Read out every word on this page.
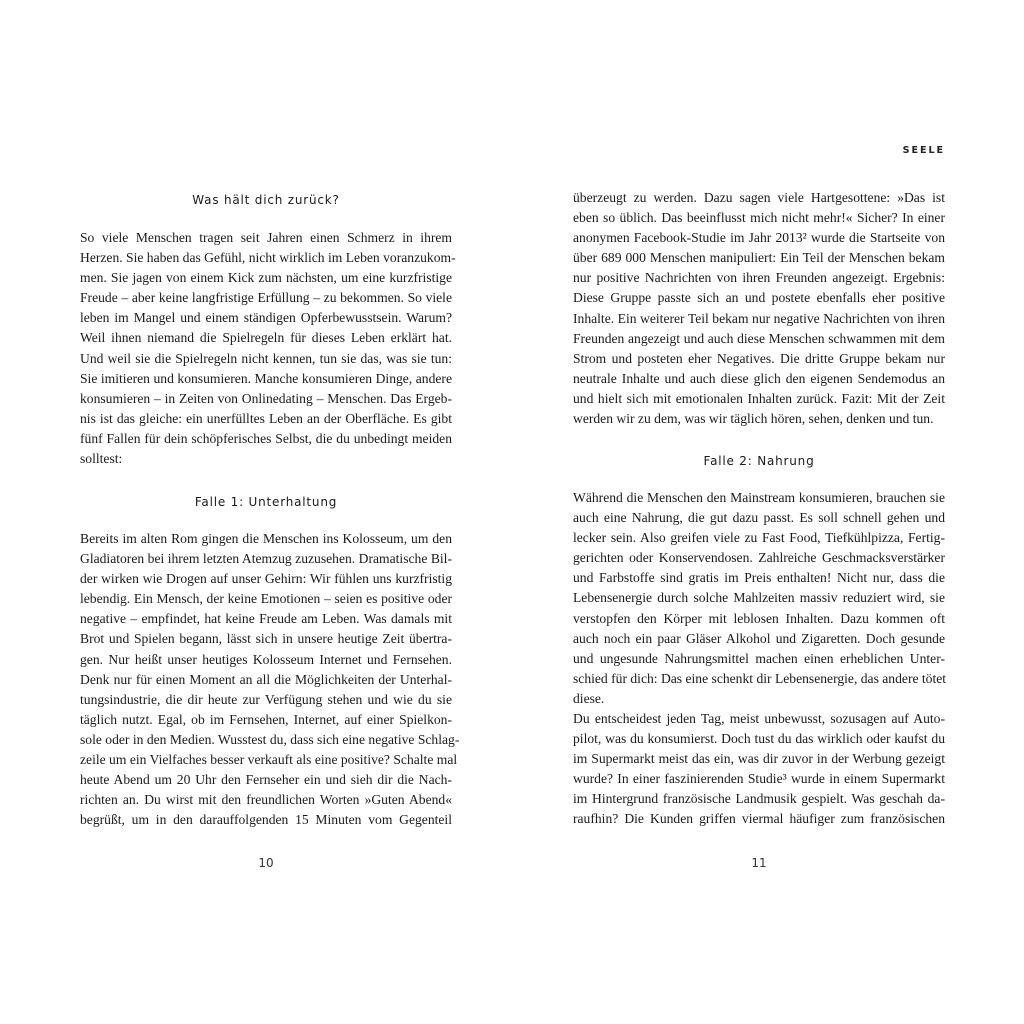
Was hält dich zurück?

So viele Menschen tragen seit Jahren einen Schmerz in ihrem
Herzen. Sie haben das Gefühl, nicht wirklich im Leben voranzukom-
men. Sie jagen von einem Kick zum nächsten, um eine kurzfristige
Freude – aber keine langfristige Erfüllung – zu bekommen. So viele
leben im Mangel und einem ständigen Opferbewusstsein. Warum?
Weil ihnen niemand die Spielregeln für dieses Leben erklärt hat.
Und weil sie die Spielregeln nicht kennen, tun sie das, was sie tun:
Sie imitieren und konsumieren. Manche konsumieren Dinge, andere
konsumieren – in Zeiten von Onlinedating – Menschen. Das Ergeb-
nis ist das gleiche: ein unerfülltes Leben an der Oberfläche. Es gibt
fünf Fallen für dein schöpferisches Selbst, die du unbedingt meiden
solltest:

Falle 1: Unterhaltung

Bereits im alten Rom gingen die Menschen ins Kolosseum, um den
Gladiatoren bei ihrem letzten Atemzug zuzusehen. Dramatische Bil-
der wirken wie Drogen auf unser Gehirn: Wir fühlen uns kurzfristig
lebendig. Ein Mensch, der keine Emotionen – seien es positive oder
negative – empfindet, hat keine Freude am Leben. Was damals mit
Brot und Spielen begann, lässt sich in unsere heutige Zeit übertra-
gen. Nur heißt unser heutiges Kolosseum Internet und Fernsehen.
Denk nur für einen Moment an all die Möglichkeiten der Unterhal-
tungsindustrie, die dir heute zur Verfügung stehen und wie du sie
täglich nutzt. Egal, ob im Fernsehen, Internet, auf einer Spielkon-
sole oder in den Medien. Wusstest du, dass sich eine negative Schlag-
zeile um ein Vielfaches besser verkauft als eine positive? Schalte mal
heute Abend um 20 Uhr den Fernseher ein und sieh dir die Nach-
richten an. Du wirst mit den freundlichen Worten »Guten Abend«
begrüßt, um in den darauffolgenden 15 Minuten vom Gegenteil

überzeugt zu werden. Dazu sagen viele Hartgesottene: »Das ist
eben so üblich. Das beeinflusst mich nicht mehr!« Sicher? In einer
anonymen Facebook-Studie im Jahr 2013² wurde die Startseite von
über 689 000 Menschen manipuliert: Ein Teil der Menschen bekam
nur positive Nachrichten von ihren Freunden angezeigt. Ergebnis:
Diese Gruppe passte sich an und postete ebenfalls eher positive
Inhalte. Ein weiterer Teil bekam nur negative Nachrichten von ihren
Freunden angezeigt und auch diese Menschen schwammen mit dem
Strom und posteten eher Negatives. Die dritte Gruppe bekam nur
neutrale Inhalte und auch diese glich den eigenen Sendemodus an
und hielt sich mit emotionalen Inhalten zurück. Fazit: Mit der Zeit
werden wir zu dem, was wir täglich hören, sehen, denken und tun.

Falle 2: Nahrung

Während die Menschen den Mainstream konsumieren, brauchen sie
auch eine Nahrung, die gut dazu passt. Es soll schnell gehen und
lecker sein. Also greifen viele zu Fast Food, Tiefkühlpizza, Fertig-
gerichten oder Konservendosen. Zahlreiche Geschmacksverstärker
und Farbstoffe sind gratis im Preis enthalten! Nicht nur, dass die
Lebensenergie durch solche Mahlzeiten massiv reduziert wird, sie
verstopfen den Körper mit leblosen Inhalten. Dazu kommen oft
auch noch ein paar Gläser Alkohol und Zigaretten. Doch gesunde
und ungesunde Nahrungsmittel machen einen erheblichen Unter-
schied für dich: Das eine schenkt dir Lebensenergie, das andere tötet
diese.

Du entscheidest jeden Tag, meist unbewusst, sozusagen auf Auto-
pilot, was du konsumierst. Doch tust du das wirklich oder kaufst du
im Supermarkt meist das ein, was dir zuvor in der Werbung gezeigt
wurde? In einer faszinierenden Studie³ wurde in einem Supermarkt
im Hintergrund französische Landmusik gespielt. Was geschah da-
raufhin? Die Kunden griffen viermal häufiger zum französischen

SEELE
10	11
